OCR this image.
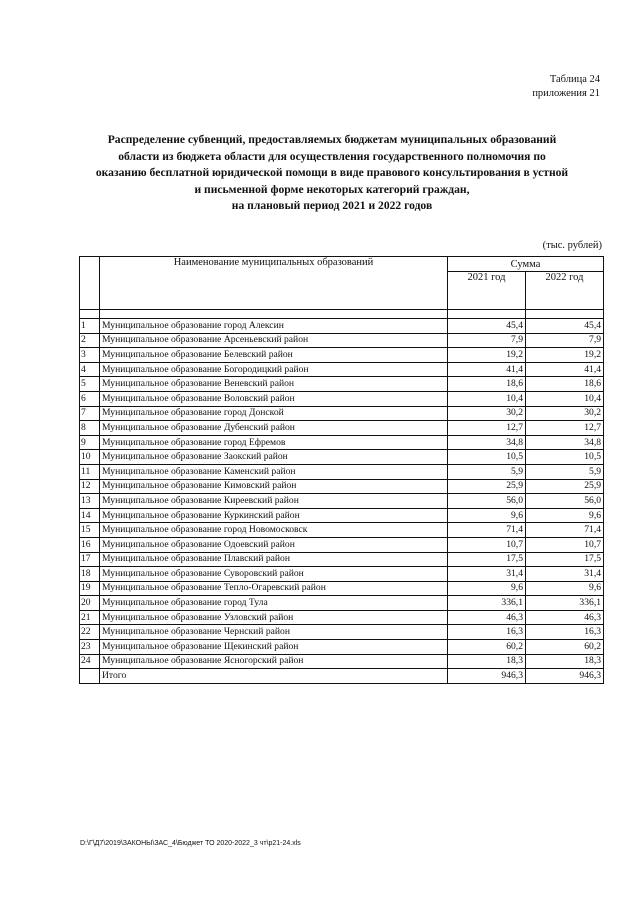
Таблица 24
приложения 21
Распределение субвенций, предоставляемых бюджетам муниципальных образований
области из бюджета области для осуществления государственного полномочия по
оказанию бесплатной юридической помощи в виде правового консультирования в устной
и письменной форме некоторых категорий граждан,
на плановый период 2021 и 2022 годов
(тыс. рублей)
	Наименование муниципальных образований	Сумма	
		2021 год	2022 год

1	Муниципальное образование город Алексин	45,4	45,4
2	Муниципальное образование Арсеньевский район	7,9	7,9
3	Муниципальное образование Белевский район	19,2	19,2
4	Муниципальное образование Богородицкий район	41,4	41,4
5	Муниципальное образование Веневский район	18,6	18,6
6	Муниципальное образование Воловский район	10,4	10,4
7	Муниципальное образование город Донской	30,2	30,2
8	Муниципальное образование Дубенский район	12,7	12,7
9	Муниципальное образование город Ефремов	34,8	34,8
10	Муниципальное образование Заокский район	10,5	10,5
11	Муниципальное образование Каменский район	5,9	5,9
12	Муниципальное образование Кимовский район	25,9	25,9
13	Муниципальное образование Киреевский район	56,0	56,0
14	Муниципальное образование Куркинский район	9,6	9,6
15	Муниципальное образование город Новомосковск	71,4	71,4
16	Муниципальное образование Одоевский район	10,7	10,7
17	Муниципальное образование Плавский район	17,5	17,5
18	Муниципальное образование Суворовский район	31,4	31,4
19	Муниципальное образование Тепло-Огаревский район	9,6	9,6
20	Муниципальное образование город Тула	336,1	336,1
21	Муниципальное образование Узловский район	46,3	46,3
22	Муниципальное образование Чернский район	16,3	16,3
23	Муниципальное образование Щекинский район	60,2	60,2
24	Муниципальное образование Ясногорский район	18,3	18,3
	Итого	946,3	946,3
D:\Г\Д7\2019\ЗАКОНЫ\ЗАС_4\Бюджет ТО 2020-2022_3 чт\р21-24.xls
